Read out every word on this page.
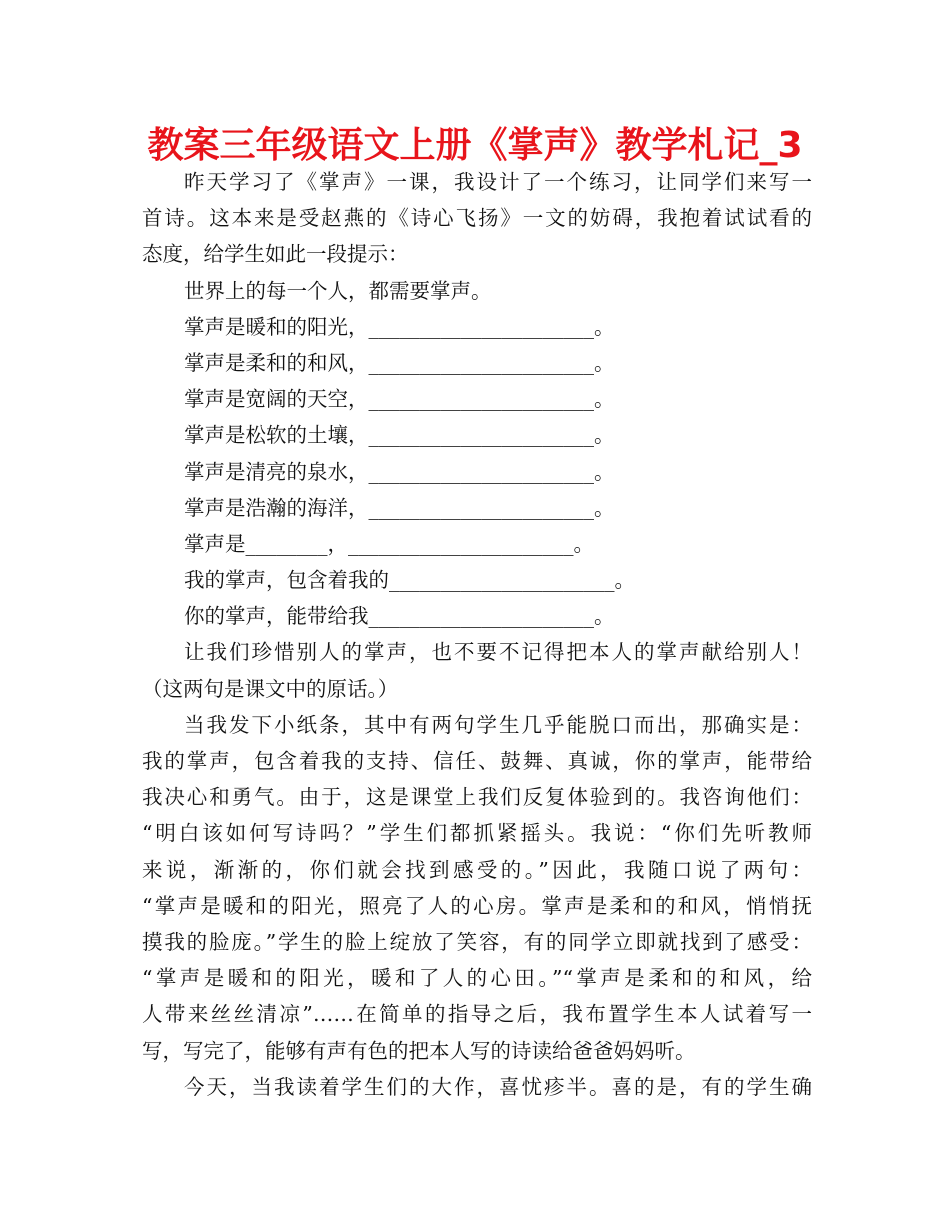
教案三年级语文上册《掌声》教学札记_3
昨天学习了《掌声》一课，我设计了一个练习，让同学们来写一
首诗。这本来是受赵燕的《诗心飞扬》一文的妨碍，我抱着试试看的
态度，给学生如此一段提示：
世界上的每一个人，都需要掌声。
掌声是暖和的阳光，______________________。
掌声是柔和的和风，______________________。
掌声是宽阔的天空，______________________。
掌声是松软的土壤，______________________。
掌声是清亮的泉水，______________________。
掌声是浩瀚的海洋，______________________。
掌声是________，______________________。
我的掌声，包含着我的______________________。
你的掌声，能带给我______________________。
让我们珍惜别人的掌声，也不要不记得把本人的掌声献给别人！
（这两句是课文中的原话。）
当我发下小纸条，其中有两句学生几乎能脱口而出，那确实是：
我的掌声，包含着我的支持、信任、鼓舞、真诚，你的掌声，能带给
我决心和勇气。由于，这是课堂上我们反复体验到的。我咨询他们：
“明白该如何写诗吗？”学生们都抓紧摇头。我说：“你们先听教师
来说，渐渐的，你们就会找到感受的。”因此，我随口说了两句：
“掌声是暖和的阳光，照亮了人的心房。掌声是柔和的和风，悄悄抚
摸我的脸庞。”学生的脸上绽放了笑容，有的同学立即就找到了感受：
“掌声是暖和的阳光，暖和了人的心田。”“掌声是柔和的和风，给
人带来丝丝清凉”……在简单的指导之后，我布置学生本人试着写一
写，写完了，能够有声有色的把本人写的诗读给爸爸妈妈听。
今天，当我读着学生们的大作，喜忧疹半。喜的是，有的学生确
